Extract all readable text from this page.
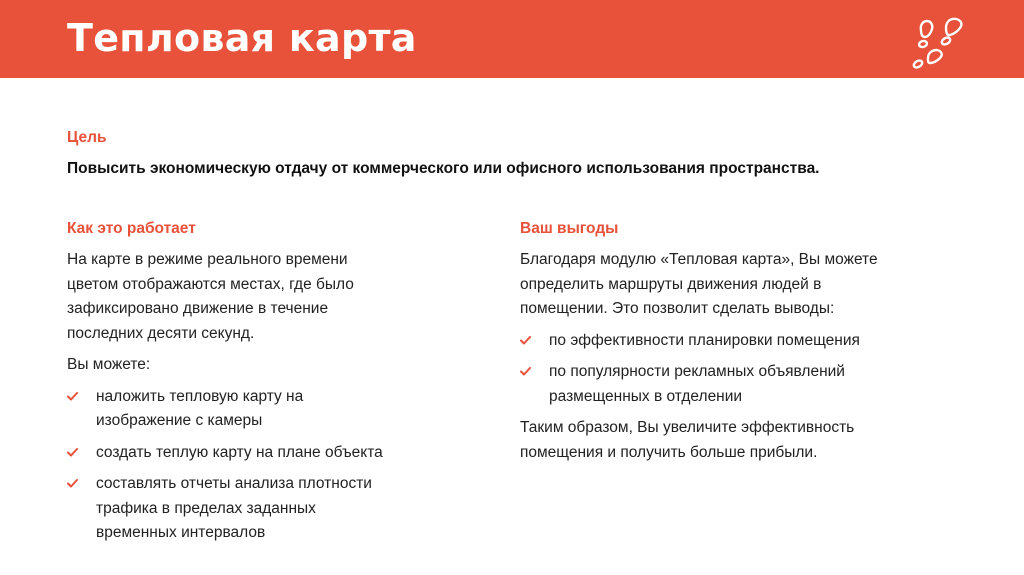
Тепловая карта
Цель
Повысить экономическую отдачу от коммерческого или офисного использования пространства.
Как это работает

На карте в режиме реального времени
цветом отображаются местах, где было
зафиксировано движение в течение
последних десяти секунд.

Вы можете:

наложить тепловую карту на
изображение с камеры
создать теплую карту на плане объекта
составлять отчеты анализа плотности
трафика в пределах заданных
временных интервалов
Ваш выгоды

Благодаря модулю «Тепловая карта», Вы можете
определить маршруты движения людей в
помещении. Это позволит сделать выводы:

по эффективности планировки помещения
по популярности рекламных объявлений
размещенных в отделении

Таким образом, Вы увеличите эффективность
помещения и получить больше прибыли.
